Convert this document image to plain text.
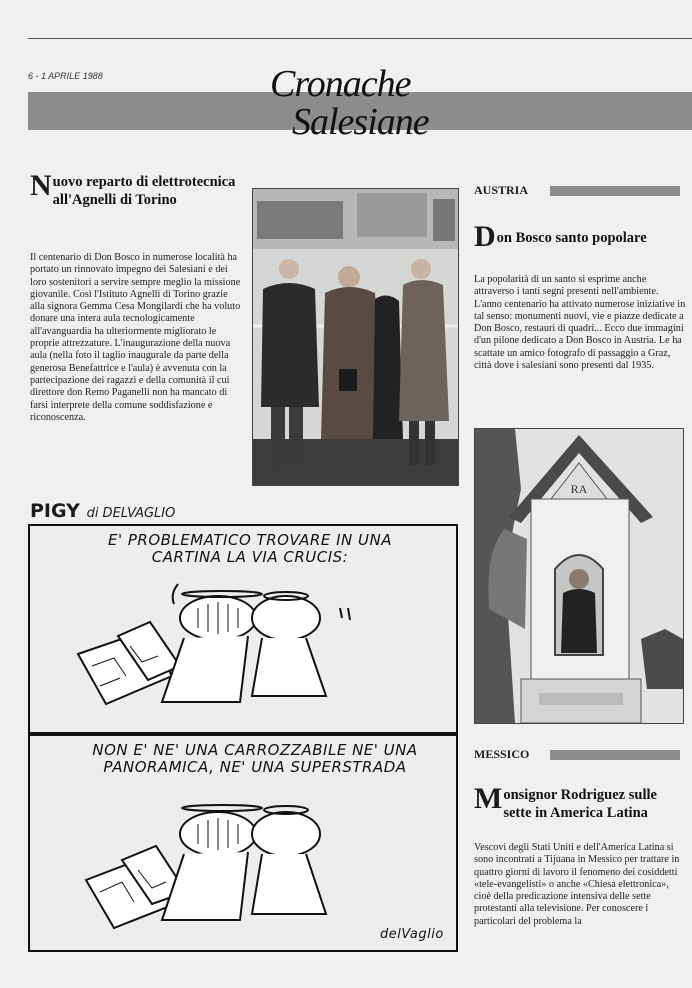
6 - 1 APRILE 1988	Cronache
Salesiane
N uovo reparto di elettrotecnica all'Agnelli di Torino
Il centenario di Don Bosco in numerose località ha portato un rinnovato impegno dei Salesiani e dei loro sostenitori a servire sempre meglio la missione giovanile. Così l'Istituto Agnelli di Torino grazie alla signora Gemma Cesa Mongilardi che ha voluto donare una intera aula tecnologicamente all'avanguardia ha ulteriormente migliorato le proprie attrezzature. L'inaugurazione della nuova aula (nella foto il taglio inaugurale da parte della generosa Benefattrice e l'aula) è avvenuta con la partecipazione dei ragazzi e della comunità il cui direttore don Remo Paganelli non ha mancato di farsi interprete della comune soddisfazione e riconoscenza.
PIGY di DELVAGLIO
E' PROBLEMATICO TROVARE IN UNA CARTINA LA VIA CRUCIS:
NON E' NE' UNA CARROZZABILE NE' UNA PANORAMICA, NE' UNA SUPERSTRADA
delVaglio
AUSTRIA
D on Bosco santo popolare
La popolarità di un santo si esprime anche attraverso i tanti segni presenti nell'ambiente. L'anno centenario ha attivato numerose iniziative in tal senso: monumenti nuovi, vie e piazze dedicate a Don Bosco, restauri di quadri... Ecco due immagini d'un pilone dedicato a Don Bosco in Austria. Le ha scattate un amico fotografo di passaggio a Graz, città dove i salesiani sono presenti dal 1935.
RA
MESSICO
M onsignor Rodriguez sulle sette in America Latina
Vescovi degli Stati Uniti e dell'America Latina si sono incontrati a Tijuana in Messico per trattare in quattro giorni di lavoro il fenomeno dei cosiddetti «tele-evangelisti» o anche «Chiesa elettronica», cioè della predicazione intensiva delle sette protestanti alla televisione. Per conoscere i particolari del problema la
